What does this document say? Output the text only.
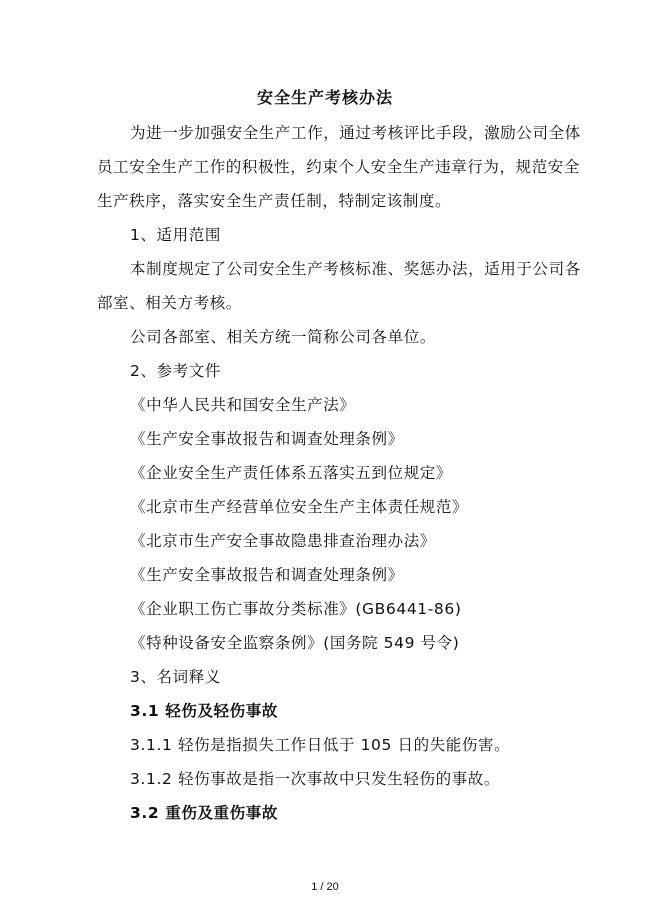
安全生产考核办法
为进一步加强安全生产工作，通过考核评比手段，激励公司全体
员工安全生产工作的积极性，约束个人安全生产违章行为，规范安全
生产秩序，落实安全生产责任制，特制定该制度。
1、适用范围
本制度规定了公司安全生产考核标准、奖惩办法，适用于公司各
部室、相关方考核。
公司各部室、相关方统一简称公司各单位。
2、参考文件
《中华人民共和国安全生产法》
《生产安全事故报告和调查处理条例》
《企业安全生产责任体系五落实五到位规定》
《北京市生产经营单位安全生产主体责任规范》
《北京市生产安全事故隐患排查治理办法》
《生产安全事故报告和调查处理条例》
《企业职工伤亡事故分类标准》(GB6441-86)
《特种设备安全监察条例》(国务院 549 号令)
3、名词释义
3.1 轻伤及轻伤事故
3.1.1 轻伤是指损失工作日低于 105 日的失能伤害。
3.1.2 轻伤事故是指一次事故中只发生轻伤的事故。
3.2 重伤及重伤事故
1 / 20
